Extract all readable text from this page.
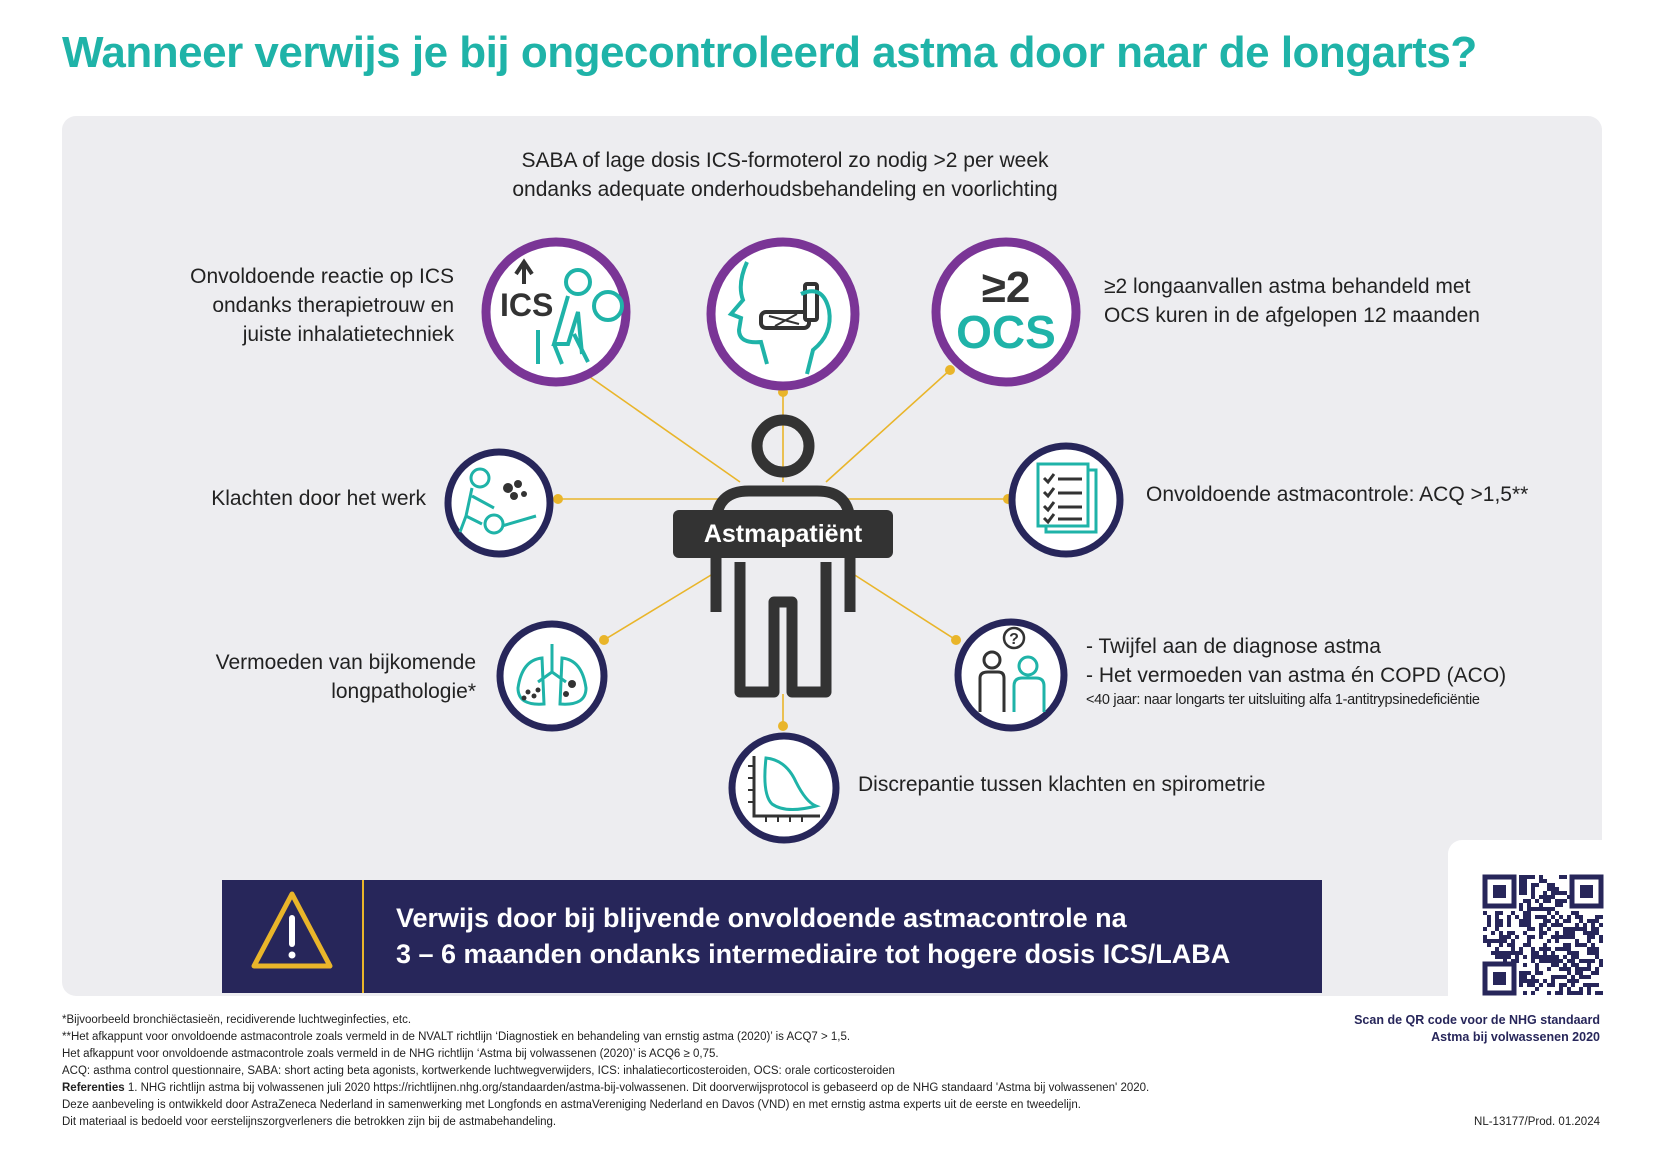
Wanneer verwijs je bij ongecontroleerd astma door naar de longarts?
Astmapatiënt
SABA of lage dosis ICS-formoterol zo nodig >2 per week
ondanks adequate onderhoudsbehandeling en voorlichting
ICS
Onvoldoende reactie op ICS
ondanks therapietrouw en
juiste inhalatietechniek
≥2
OCS
≥2 longaanvallen astma behandeld met
OCS kuren in de afgelopen 12 maanden
Klachten door het werk	Onvoldoende astmacontrole: ACQ >1,5**
Vermoeden van bijkomende
longpathologie*
?	- Twijfel aan de diagnose astma
- Het vermoeden van astma én COPD (ACO)
<40 jaar: naar longarts ter uitsluiting alfa 1-antitrypsinedeficiëntie
Discrepantie tussen klachten en spirometrie
Verwijs door bij blijvende onvoldoende astmacontrole na
3 – 6 maanden ondanks intermediaire tot hogere dosis ICS/LABA
*Bijvoorbeeld bronchiëctasieën, recidiverende luchtweginfecties, etc.
**Het afkappunt voor onvoldoende astmacontrole zoals vermeld in de NVALT richtlijn ‘Diagnostiek en behandeling van ernstig astma (2020)’ is ACQ7 > 1,5.
Het afkappunt voor onvoldoende astmacontrole zoals vermeld in de NHG richtlijn ‘Astma bij volwassenen (2020)’ is ACQ6 ≥ 0,75.
ACQ: asthma control questionnaire, SABA: short acting beta agonists, kortwerkende luchtwegverwijders, ICS: inhalatiecorticosteroiden, OCS: orale corticosteroiden
Referenties 1. NHG richtlijn astma bij volwassenen juli 2020 https://richtlijnen.nhg.org/standaarden/astma-bij-volwassenen. Dit doorverwijsprotocol is gebaseerd op de NHG standaard 'Astma bij volwassenen' 2020.
Deze aanbeveling is ontwikkeld door AstraZeneca Nederland in samenwerking met Longfonds en astmaVereniging Nederland en Davos (VND) en met ernstig astma experts uit de eerste en tweedelijn.
Dit materiaal is bedoeld voor eerstelijnszorgverleners die betrokken zijn bij de astmabehandeling.
Scan de QR code voor de NHG standaard
Astma bij volwassenen 2020
NL-13177/Prod. 01.2024
